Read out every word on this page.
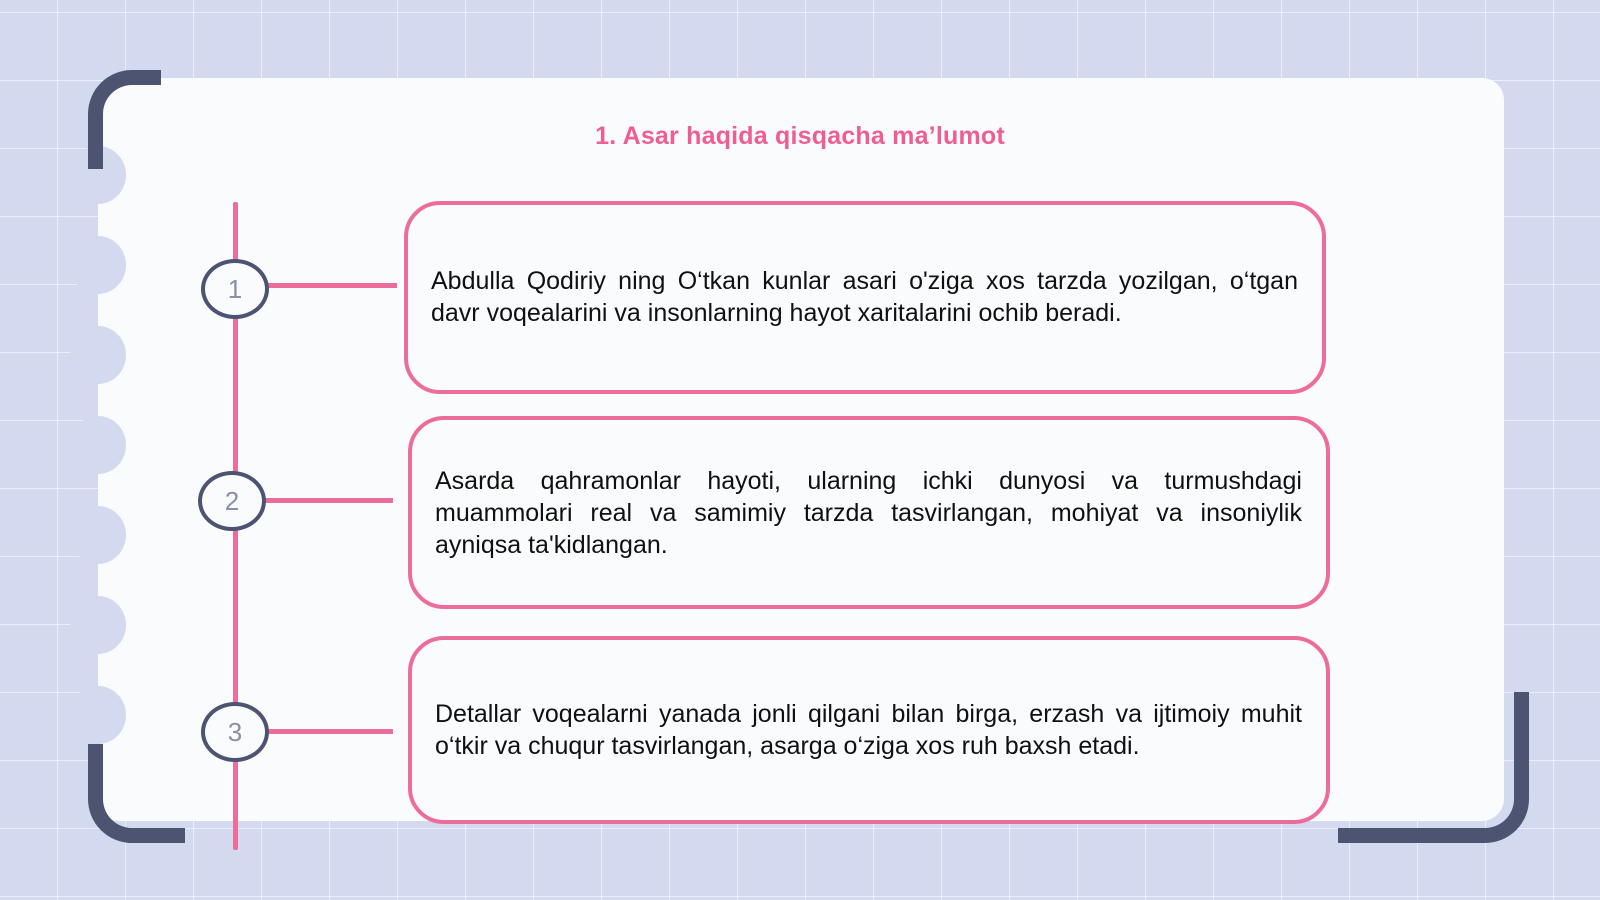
1. Asar haqida qisqacha ma’lumot
1
2
3

Abdulla Qodiriy ning O‘tkan kunlar asari o'ziga xos tarzda yozilgan, o‘tgan davr voqealarini va insonlarning hayot xaritalarini ochib beradi.

Asarda qahramonlar hayoti, ularning ichki dunyosi va turmushdagi muammolari real va samimiy tarzda tasvirlangan, mohiyat va insoniylik ayniqsa ta'kidlangan.

Detallar voqealarni yanada jonli qilgani bilan birga, erzash va ijtimoiy muhit o‘tkir va chuqur tasvirlangan, asarga o‘ziga xos ruh baxsh etadi.
